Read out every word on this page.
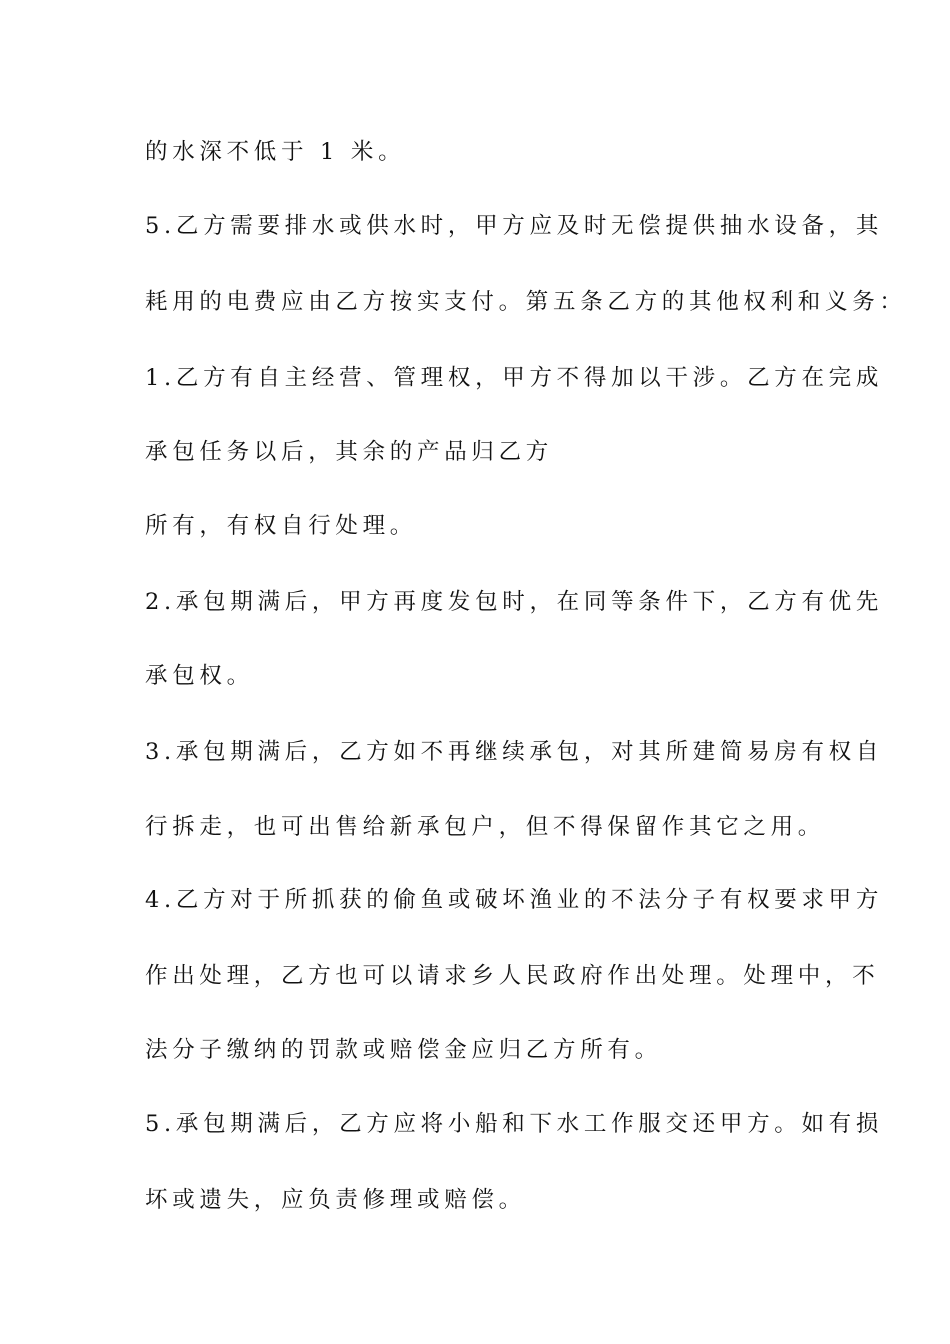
的水深不低于 1 米。
5.乙方需要排水或供水时，甲方应及时无偿提供抽水设备，其
耗用的电费应由乙方按实支付。第五条乙方的其他权利和义务：
1.乙方有自主经营、管理权，甲方不得加以干涉。乙方在完成
承包任务以后，其余的产品归乙方
所有，有权自行处理。
2.承包期满后，甲方再度发包时，在同等条件下，乙方有优先
承包权。
3.承包期满后，乙方如不再继续承包，对其所建简易房有权自
行拆走，也可出售给新承包户，但不得保留作其它之用。
4.乙方对于所抓获的偷鱼或破坏渔业的不法分子有权要求甲方
作出处理，乙方也可以请求乡人民政府作出处理。处理中，不
法分子缴纳的罚款或赔偿金应归乙方所有。
5.承包期满后，乙方应将小船和下水工作服交还甲方。如有损
坏或遗失，应负责修理或赔偿。
